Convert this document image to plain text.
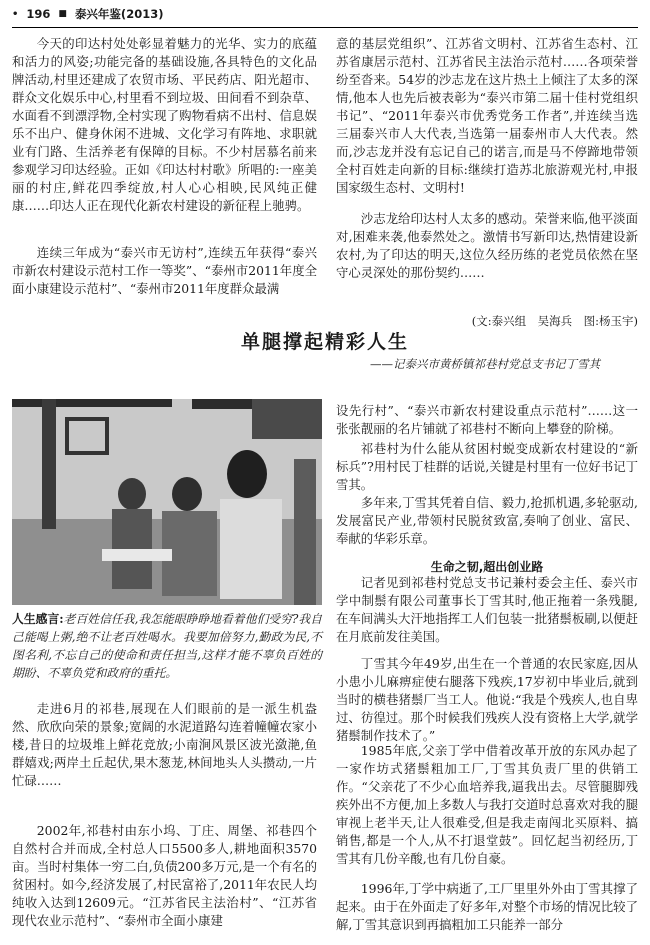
• 196 ■ 泰兴年鉴(2013)

今天的印达村处处彰显着魅力的光华、实力的底蕴和活力的风姿;功能完备的基础设施,各具特色的文化品牌活动,村里还建成了农贸市场、平民药店、阳光超市、群众文化娱乐中心,村里看不到垃圾、田间看不到杂草、水面看不到漂浮物,全村实现了购物看病不出村、信息娱乐不出户、健身休闲不进城、文化学习有阵地、求职就业有门路、生活养老有保障的目标。不少村居慕名前来参观学习印达经验。正如《印达村村歌》所唱的:一座美丽的村庄,鲜花四季绽放,村人心心相映,民风纯正健康……印达人正在现代化新农村建设的新征程上驰骋。

连续三年成为“泰兴市无访村”,连续五年获得“泰兴市新农村建设示范村工作一等奖”、“泰州市2011年度全面小康建设示范村”、“泰州市2011年度群众最满

意的基层党组织”、江苏省文明村、江苏省生态村、江苏省康居示范村、江苏省民主法治示范村……各项荣誉纷至沓来。54岁的沙志龙在这片热土上倾注了太多的深情,他本人也先后被表彰为“泰兴市第二届十佳村党组织书记”、“2011年泰兴市优秀党务工作者”,并连续当选三届泰兴市人大代表,当选第一届泰州市人大代表。然而,沙志龙并没有忘记自己的诺言,而是马不停蹄地带领全村百姓走向新的目标:继续打造苏北旅游观光村,申报国家级生态村、文明村!

沙志龙给印达村人太多的感动。荣誉来临,他平淡面对,困难来袭,他泰然处之。激情书写新印达,热情建设新农村,为了印达的明天,这位久经历练的老党员依然在坚守心灵深处的那份契约……

(文:泰兴组　吴海兵　图:杨玉宇)
单腿撑起精彩人生
——记泰兴市黄桥镇祁巷村党总支书记丁雪其

人生感言:老百姓信任我,我怎能眼睁睁地看着他们受穷?我自己能喝上粥,绝不让老百姓喝水。我要加倍努力,勤政为民,不图名利,不忘自己的使命和责任担当,这样才能不辜负百姓的期盼、不辜负党和政府的重托。

走进6月的祁巷,展现在人们眼前的是一派生机盎然、欣欣向荣的景象;宽阔的水泥道路勾连着幢幢农家小楼,昔日的垃圾堆上鲜花竞放;小南涧风景区波光潋滟,鱼群嬉戏;两岸土丘起伏,果木葱茏,林间地头人头攒动,一片忙碌……

2002年,祁巷村由东小坞、丁庄、周堡、祁巷四个自然村合并而成,全村总人口5500多人,耕地面积3570亩。当时村集体一穷二白,负债200多万元,是一个有名的贫困村。如今,经济发展了,村民富裕了,2011年农民人均纯收入达到12609元。“江苏省民主法治村”、“江苏省现代农业示范村”、“泰州市全面小康建

设先行村”、“泰兴市新农村建设重点示范村”……这一张张靓丽的名片铺就了祁巷村不断向上攀登的阶梯。

祁巷村为什么能从贫困村蜕变成新农村建设的“新标兵”?用村民丁桂群的话说,关键是村里有一位好书记丁雪其。

多年来,丁雪其凭着自信、毅力,抢抓机遇,多轮驱动,发展富民产业,带领村民脱贫致富,奏响了创业、富民、奉献的华彩乐章。

生命之韧,超出创业路

记者见到祁巷村党总支书记兼村委会主任、泰兴市学中制鬃有限公司董事长丁雪其时,他正拖着一条残腿,在车间满头大汗地指挥工人们包装一批猪鬃板刷,以便赶在月底前发往美国。

丁雪其今年49岁,出生在一个普通的农民家庭,因从小患小儿麻痹症使右腿落下残疾,17岁初中毕业后,就到当时的横巷猪鬃厂当工人。他说:“我是个残疾人,也自卑过、彷徨过。那个时候我们残疾人没有资格上大学,就学猪鬃制作技术了。”

1985年底,父亲丁学中借着改革开放的东风办起了一家作坊式猪鬃粗加工厂,丁雪其负责厂里的供销工作。“父亲花了不少心血培养我,逼我出去。尽管腿脚残疾外出不方便,加上多数人与我打交道时总喜欢对我的腿审视上老半天,让人很难受,但是我走南闯北买原料、搞销售,都是一个人,从不打退堂鼓”。回忆起当初经历,丁雪其有几份辛酸,也有几份自豪。

1996年,丁学中病逝了,工厂里里外外由丁雪其撑了起来。由于在外面走了好多年,对整个市场的情况比较了解,丁雪其意识到再搞粗加工只能养一部分
